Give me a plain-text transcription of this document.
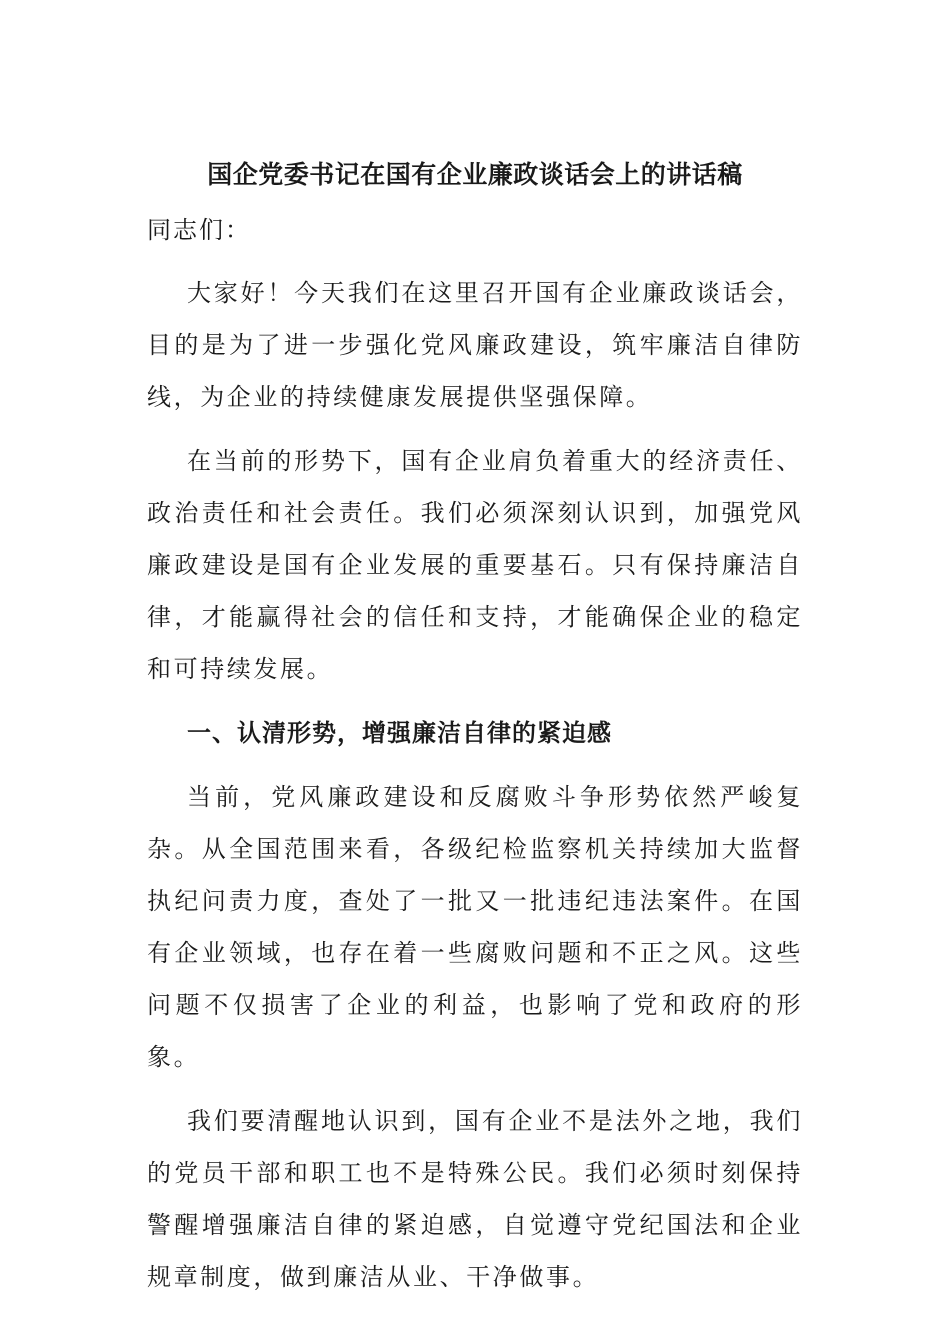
国企党委书记在国有企业廉政谈话会上的讲话稿
同志们：

大家好！今天我们在这里召开国有企业廉政谈话会，目的是为了进一步强化党风廉政建设，筑牢廉洁自律防线，为企业的持续健康发展提供坚强保障。

在当前的形势下，国有企业肩负着重大的经济责任、政治责任和社会责任。我们必须深刻认识到，加强党风廉政建设是国有企业发展的重要基石。只有保持廉洁自律，才能赢得社会的信任和支持，才能确保企业的稳定和可持续发展。

一、认清形势，增强廉洁自律的紧迫感

当前，党风廉政建设和反腐败斗争形势依然严峻复杂。从全国范围来看，各级纪检监察机关持续加大监督执纪问责力度，查处了一批又一批违纪违法案件。在国有企业领域，也存在着一些腐败问题和不正之风。这些问题不仅损害了企业的利益，也影响了党和政府的形象。

我们要清醒地认识到，国有企业不是法外之地，我们的党员干部和职工也不是特殊公民。我们必须时刻保持警醒增强廉洁自律的紧迫感，自觉遵守党纪国法和企业规章制度，做到廉洁从业、干净做事。
